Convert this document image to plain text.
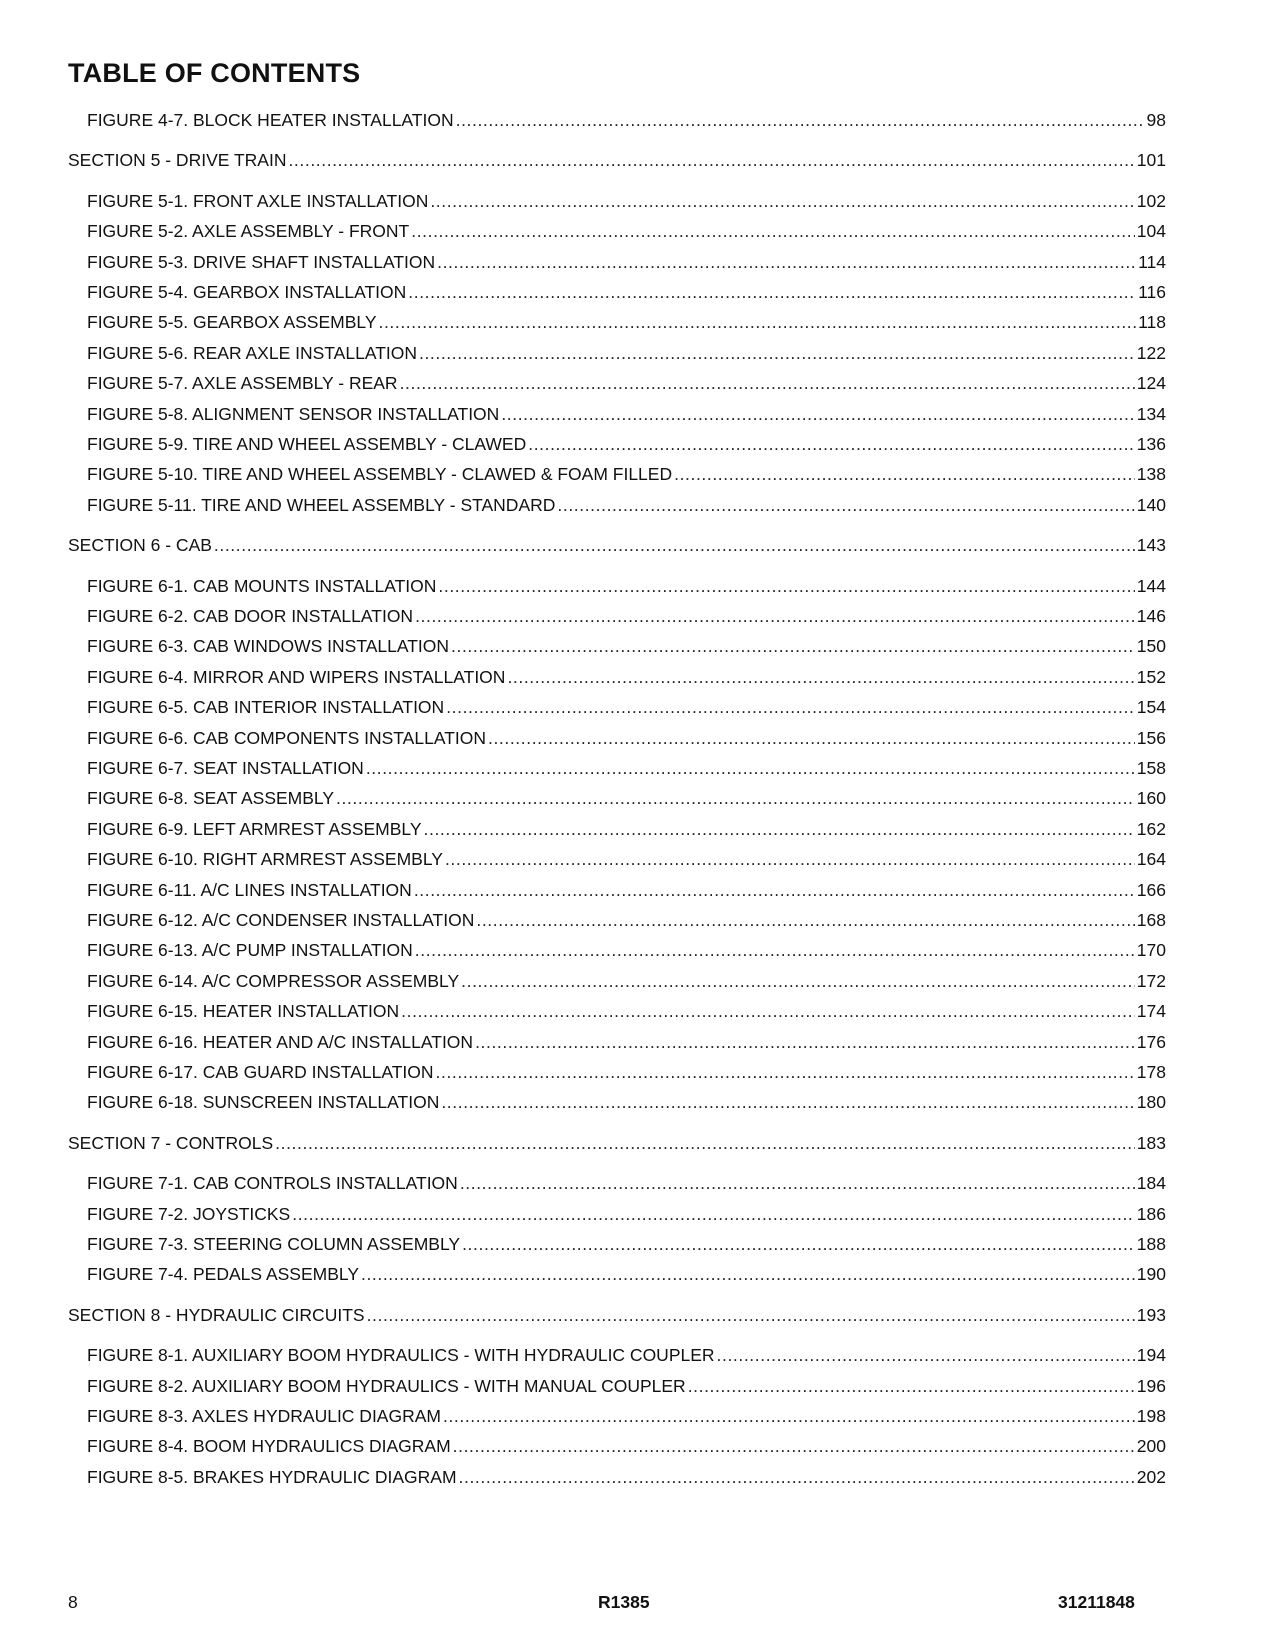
TABLE OF CONTENTS
FIGURE 4-7. BLOCK HEATER INSTALLATION .....	98
SECTION 5 - DRIVE TRAIN .....	101
FIGURE 5-1. FRONT AXLE INSTALLATION .....	102
FIGURE 5-2. AXLE ASSEMBLY - FRONT .....	104
FIGURE 5-3. DRIVE SHAFT INSTALLATION .....	114
FIGURE 5-4. GEARBOX INSTALLATION .....	116
FIGURE 5-5. GEARBOX ASSEMBLY .....	118
FIGURE 5-6. REAR AXLE INSTALLATION .....	122
FIGURE 5-7. AXLE ASSEMBLY - REAR .....	124
FIGURE 5-8. ALIGNMENT SENSOR INSTALLATION .....	134
FIGURE 5-9. TIRE AND WHEEL ASSEMBLY - CLAWED .....	136
FIGURE 5-10. TIRE AND WHEEL ASSEMBLY - CLAWED & FOAM FILLED .....	138
FIGURE 5-11. TIRE AND WHEEL ASSEMBLY - STANDARD .....	140
SECTION 6 - CAB .....	143
FIGURE 6-1. CAB MOUNTS INSTALLATION .....	144
FIGURE 6-2. CAB DOOR INSTALLATION .....	146
FIGURE 6-3. CAB WINDOWS INSTALLATION .....	150
FIGURE 6-4. MIRROR AND WIPERS INSTALLATION .....	152
FIGURE 6-5. CAB INTERIOR INSTALLATION .....	154
FIGURE 6-6. CAB COMPONENTS INSTALLATION .....	156
FIGURE 6-7. SEAT INSTALLATION .....	158
FIGURE 6-8. SEAT ASSEMBLY .....	160
FIGURE 6-9. LEFT ARMREST ASSEMBLY .....	162
FIGURE 6-10. RIGHT ARMREST ASSEMBLY .....	164
FIGURE 6-11. A/C LINES INSTALLATION .....	166
FIGURE 6-12. A/C CONDENSER INSTALLATION .....	168
FIGURE 6-13. A/C PUMP INSTALLATION .....	170
FIGURE 6-14. A/C COMPRESSOR ASSEMBLY .....	172
FIGURE 6-15. HEATER INSTALLATION .....	174
FIGURE 6-16. HEATER AND A/C INSTALLATION .....	176
FIGURE 6-17. CAB GUARD INSTALLATION .....	178
FIGURE 6-18. SUNSCREEN INSTALLATION .....	180
SECTION 7 - CONTROLS .....	183
FIGURE 7-1. CAB CONTROLS INSTALLATION .....	184
FIGURE 7-2. JOYSTICKS .....	186
FIGURE 7-3. STEERING COLUMN ASSEMBLY .....	188
FIGURE 7-4. PEDALS ASSEMBLY .....	190
SECTION 8 - HYDRAULIC CIRCUITS .....	193
FIGURE 8-1. AUXILIARY BOOM HYDRAULICS - WITH HYDRAULIC COUPLER .....	194
FIGURE 8-2. AUXILIARY BOOM HYDRAULICS - WITH MANUAL COUPLER .....	196
FIGURE 8-3. AXLES HYDRAULIC DIAGRAM .....	198
FIGURE 8-4. BOOM HYDRAULICS DIAGRAM .....	200
FIGURE 8-5. BRAKES HYDRAULIC DIAGRAM .....	202
8	R1385	31211848
